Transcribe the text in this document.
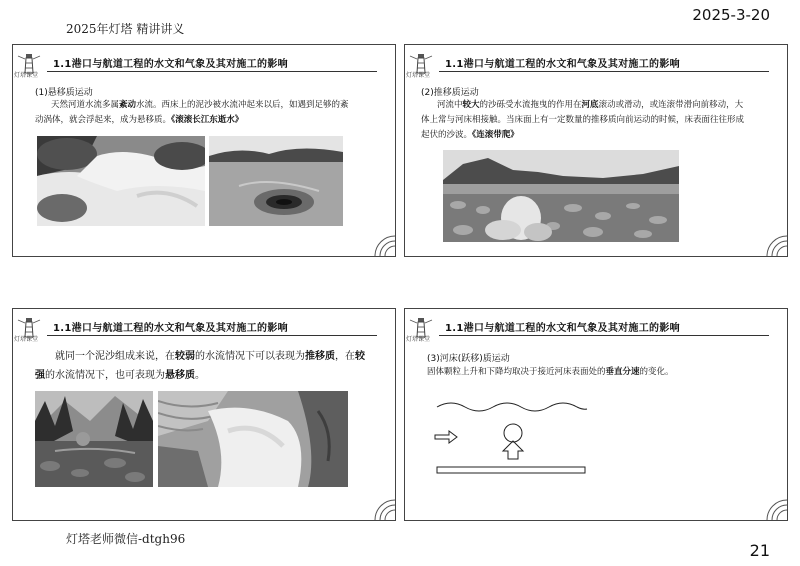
2025年灯塔 精讲讲义
2025-3-20
灯塔课堂
1.1港口与航道工程的水文和气象及其对施工的影响
(1)悬移质运动
天然河道水流多属紊动水流。西床上的泥沙被水流冲起来以后，如遇到足够的紊动涡体，就会浮起来，成为悬移质。《滚滚长江东逝水》
灯塔课堂
1.1港口与航道工程的水文和气象及其对施工的影响
(2)推移质运动
河流中较大的沙砾受水流拖曳的作用在河底滚动或滑动，或连滚带滑向前移动，大体上常与河床相接触。当床面上有一定数量的推移质向前运动的时候，床表面往往形成起伏的沙波。《连滚带爬》
灯塔课堂
1.1港口与航道工程的水文和气象及其对施工的影响
就同一个泥沙组成来说，在较弱的水流情况下可以表现为推移质，在较强的水流情况下，也可表现为悬移质。
灯塔课堂
1.1港口与航道工程的水文和气象及其对施工的影响
(3)河床(跃移)质运动
固体颗粒上升和下降均取决于接近河床表面处的垂直分速的变化。
灯塔老师微信-dtgh96
21
